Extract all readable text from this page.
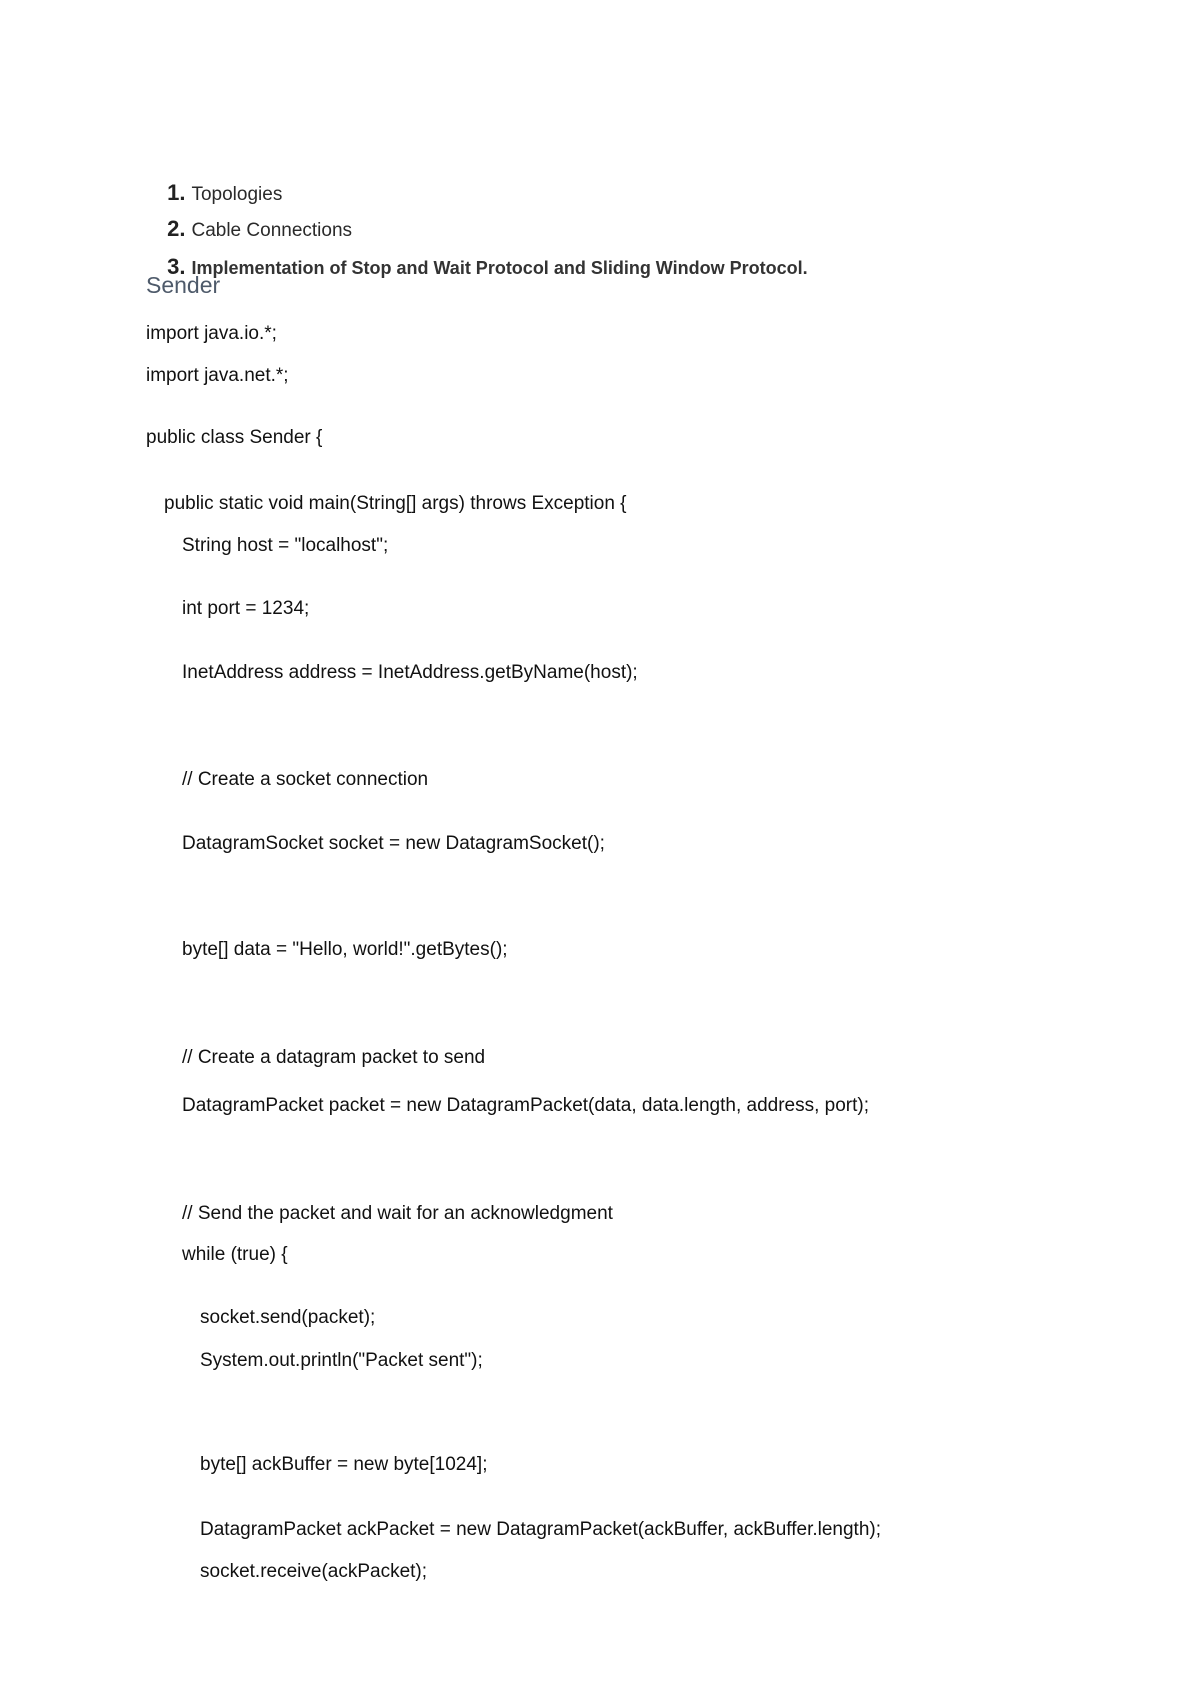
1. Topologies

2. Cable Connections

3. Implementation of Stop and Wait Protocol and Sliding Window Protocol.

Sender
import java.io.*;
import java.net.*;
public class Sender {
public static void main(String[] args) throws Exception {
String host = "localhost";
int port = 1234;
InetAddress address = InetAddress.getByName(host);
// Create a socket connection
DatagramSocket socket = new DatagramSocket();
byte[] data = "Hello, world!".getBytes();
// Create a datagram packet to send
DatagramPacket packet = new DatagramPacket(data, data.length, address, port);
// Send the packet and wait for an acknowledgment
while (true) {
socket.send(packet);
System.out.println("Packet sent");
byte[] ackBuffer = new byte[1024];
DatagramPacket ackPacket = new DatagramPacket(ackBuffer, ackBuffer.length);
socket.receive(ackPacket);
